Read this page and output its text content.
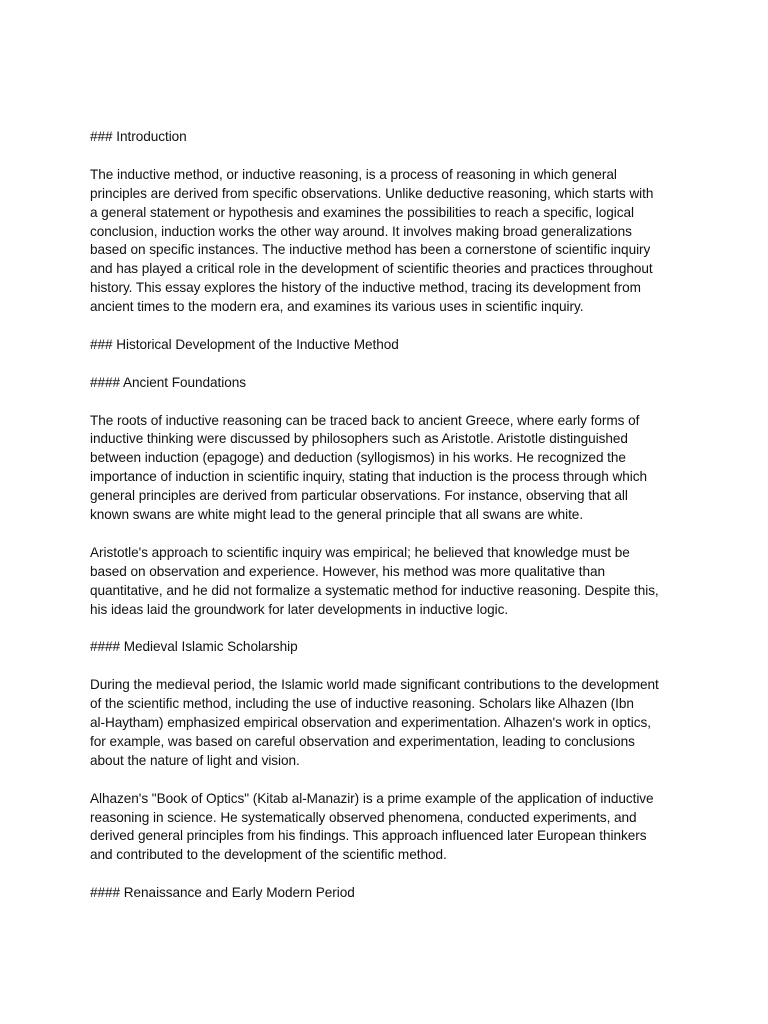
### Introduction
The inductive method, or inductive reasoning, is a process of reasoning in which general
principles are derived from specific observations. Unlike deductive reasoning, which starts with
a general statement or hypothesis and examines the possibilities to reach a specific, logical
conclusion, induction works the other way around. It involves making broad generalizations
based on specific instances. The inductive method has been a cornerstone of scientific inquiry
and has played a critical role in the development of scientific theories and practices throughout
history. This essay explores the history of the inductive method, tracing its development from
ancient times to the modern era, and examines its various uses in scientific inquiry.
### Historical Development of the Inductive Method
#### Ancient Foundations
The roots of inductive reasoning can be traced back to ancient Greece, where early forms of
inductive thinking were discussed by philosophers such as Aristotle. Aristotle distinguished
between induction (epagoge) and deduction (syllogismos) in his works. He recognized the
importance of induction in scientific inquiry, stating that induction is the process through which
general principles are derived from particular observations. For instance, observing that all
known swans are white might lead to the general principle that all swans are white.
Aristotle's approach to scientific inquiry was empirical; he believed that knowledge must be
based on observation and experience. However, his method was more qualitative than
quantitative, and he did not formalize a systematic method for inductive reasoning. Despite this,
his ideas laid the groundwork for later developments in inductive logic.
#### Medieval Islamic Scholarship
During the medieval period, the Islamic world made significant contributions to the development
of the scientific method, including the use of inductive reasoning. Scholars like Alhazen (Ibn
al-Haytham) emphasized empirical observation and experimentation. Alhazen's work in optics,
for example, was based on careful observation and experimentation, leading to conclusions
about the nature of light and vision.
Alhazen's "Book of Optics" (Kitab al-Manazir) is a prime example of the application of inductive
reasoning in science. He systematically observed phenomena, conducted experiments, and
derived general principles from his findings. This approach influenced later European thinkers
and contributed to the development of the scientific method.
#### Renaissance and Early Modern Period
